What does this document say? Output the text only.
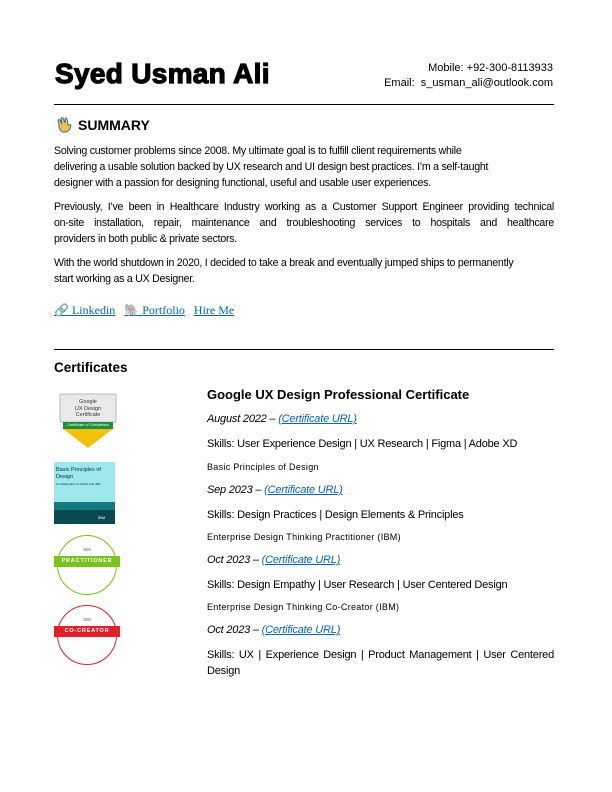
Syed Usman Ali	Mobile: +92-300-8113933
Email:  s_usman_ali@outlook.com
SUMMARY
Solving customer problems since 2008. My ultimate goal is to fulfill client requirements while
delivering a usable solution backed by UX research and UI design best practices. I’m a self-taught
designer with a passion for designing functional, useful and usable user experiences.
Previously, I’ve been in Healthcare Industry working as a Customer Support Engineer providing technical
on-site installation, repair, maintenance and troubleshooting services to hospitals and healthcare
providers in both public & private sectors.
With the world shutdown in 2020, I decided to take a break and eventually jumped ships to permanently
start working as a UX Designer.
🔗 Linkedin 🐘 Portfolio Hire Me
Certificates
Google
UX Design
Certificate
Certificate of Completion
Basic Principles of Design
A collaboration of Adobe and IBM
IBM
PRACTITIONER
IBM
CO-CREATOR
IBM
Google UX Design Professional Certificate
August 2022 – (Certificate URL)
Skills: User Experience Design | UX Research | Figma | Adobe XD
Basic Principles of Design
Sep 2023 – (Certificate URL)
Skills: Design Practices | Design Elements & Principles
Enterprise Design Thinking Practitioner (IBM)
Oct 2023 – (Certificate URL)
Skills: Design Empathy | User Research | User Centered Design
Enterprise Design Thinking Co-Creator (IBM)
Oct 2023 – (Certificate URL)
Skills: UX | Experience Design | Product Management | User Centered Design
